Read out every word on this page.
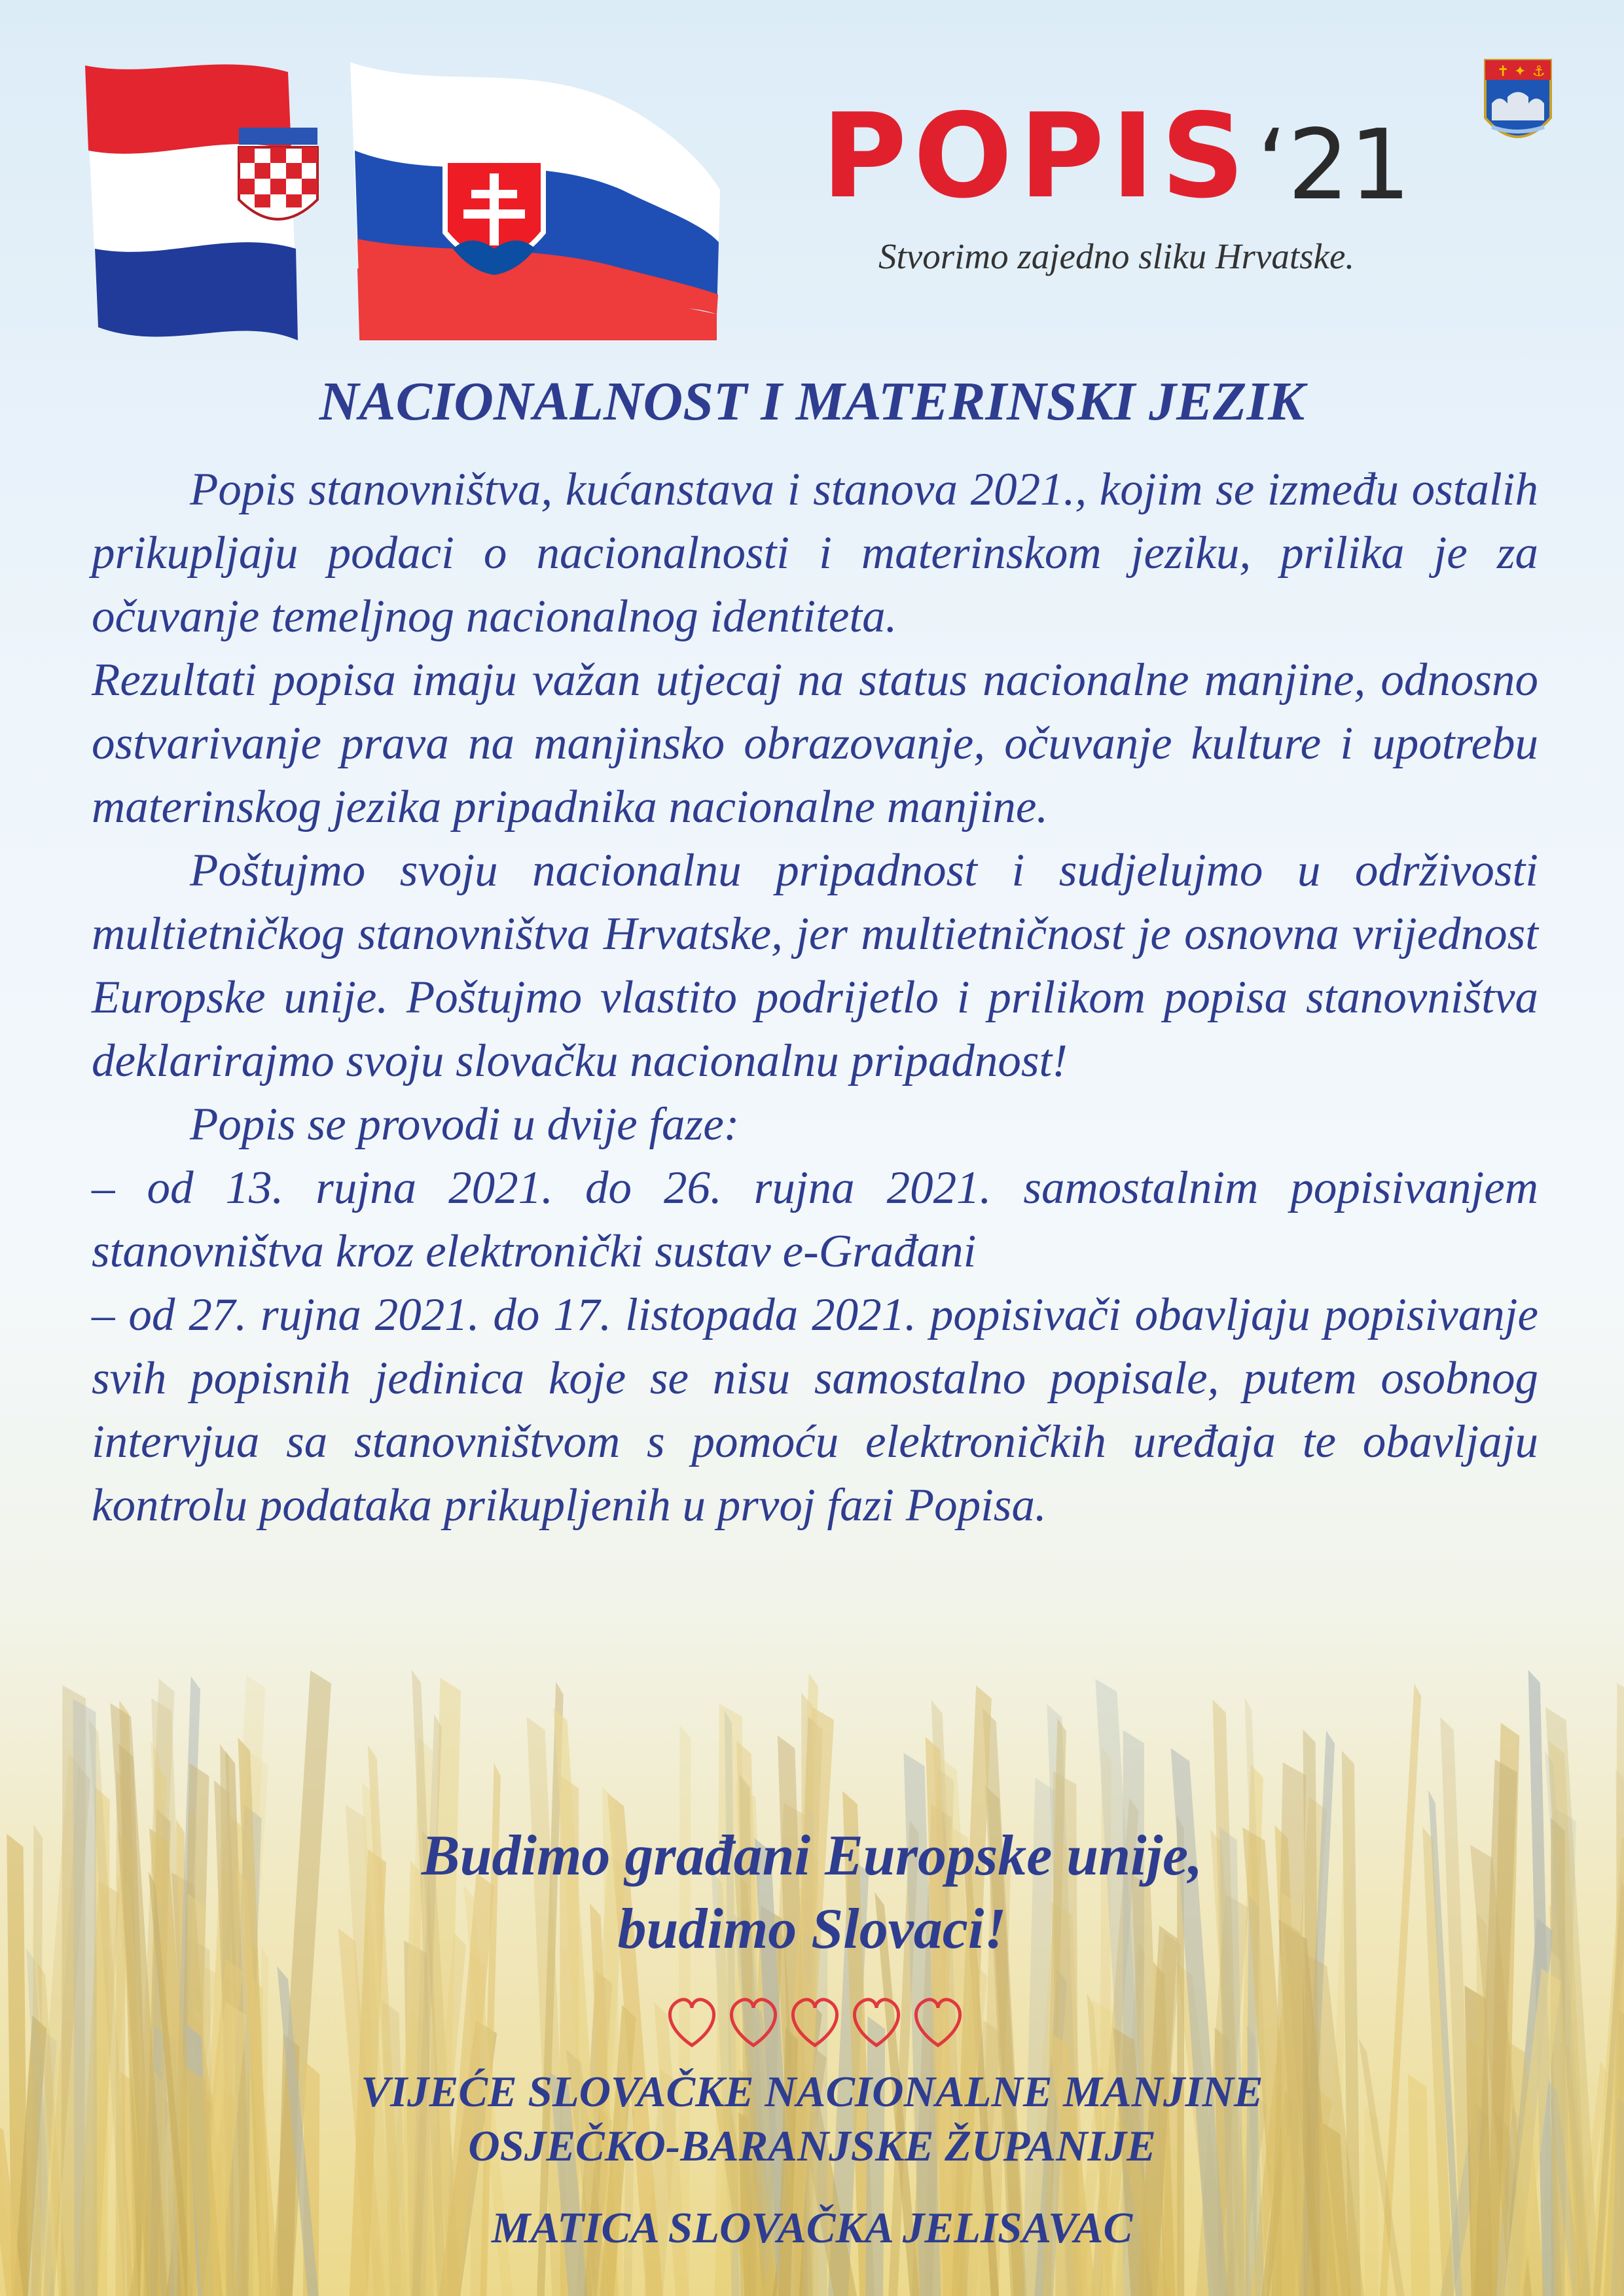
POPIS ‘21
Stvorimo zajedno sliku Hrvatske.
✝ ✦ ⚓
NACIONALNOST I MATERINSKI JEZIK

Popis stanovništva, kućanstava i stanova 2021., kojim se između ostalih prikupljaju podaci o nacionalnosti i materinskom jeziku, prilika je za očuvanje temeljnog nacionalnog identiteta.

Rezultati popisa imaju važan utjecaj na status nacionalne manjine, odnosno ostvarivanje prava na manjinsko obrazovanje, očuvanje kulture i upotrebu materinskog jezika pripadnika nacionalne manjine.

Poštujmo svoju nacionalnu pripadnost i sudjelujmo u održivosti multietničkog stanovništva Hrvatske, jer multietničnost je osnovna vrijednost Europske unije. Poštujmo vlastito podrijetlo i prilikom popisa stanovništva deklarirajmo svoju slovačku nacionalnu pripadnost!

Popis se provodi u dvije faze:

– od 13. rujna 2021. do 26. rujna 2021. samostalnim popisivanjem stanovništva kroz elektronički sustav e-Građani

– od 27. rujna 2021. do 17. listopada 2021. popisivači obavljaju popisivanje svih popisnih jedinica koje se nisu samostalno popisale, putem osobnog intervjua sa stanovništvom s pomoću elektroničkih uređaja te obavljaju kontrolu podataka prikupljenih u prvoj fazi Popisa.

Budimo građani Europske unije,
budimo Slovaci!
VIJEĆE SLOVAČKE NACIONALNE MANJINE
OSJEČKO-BARANJSKE ŽUPANIJE
MATICA SLOVAČKA JELISAVAC
